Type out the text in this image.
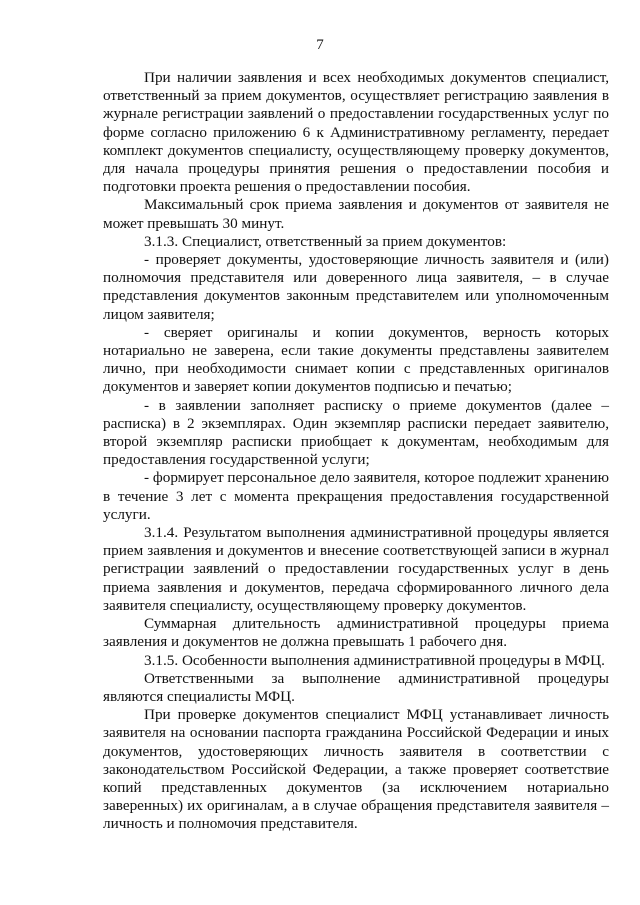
7

При наличии заявления и всех необходимых документов специалист, ответственный за прием документов, осуществляет регистрацию заявления в журнале регистрации заявлений о предоставлении государственных услуг по форме согласно приложению 6 к Административному регламенту, передает комплект документов специалисту, осуществляющему проверку документов, для начала процедуры принятия решения о предоставлении пособия и подготовки проекта решения о предоставлении пособия.

Максимальный срок приема заявления и документов от заявителя не может превышать 30 минут.

3.1.3. Специалист, ответственный за прием документов:

- проверяет документы, удостоверяющие личность заявителя и (или) полномочия представителя или доверенного лица заявителя, – в случае представления документов законным представителем или уполномоченным лицом заявителя;

- сверяет оригиналы и копии документов, верность которых нотариально не заверена, если такие документы представлены заявителем лично, при необходимости снимает копии с представленных оригиналов документов и заверяет копии документов подписью и печатью;

- в заявлении заполняет расписку о приеме документов (далее – расписка) в 2 экземплярах. Один экземпляр расписки передает заявителю, второй экземпляр расписки приобщает к документам, необходимым для предоставления государственной услуги;

- формирует персональное дело заявителя, которое подлежит хранению в течение 3 лет с момента прекращения предоставления государственной услуги.

3.1.4. Результатом выполнения административной процедуры является прием заявления и документов и внесение соответствующей записи в журнал регистрации заявлений о предоставлении государственных услуг в день приема заявления и документов, передача сформированного личного дела заявителя специалисту, осуществляющему проверку документов.

Суммарная длительность административной процедуры приема заявления и документов не должна превышать 1 рабочего дня.

3.1.5. Особенности выполнения административной процедуры в МФЦ.

Ответственными за выполнение административной процедуры являются специалисты МФЦ.

При проверке документов специалист МФЦ устанавливает личность заявителя на основании паспорта гражданина Российской Федерации и иных документов, удостоверяющих личность заявителя в соответствии с законодательством Российской Федерации, а также проверяет соответствие копий представленных документов (за исключением нотариально заверенных) их оригиналам, а в случае обращения представителя заявителя – личность и полномочия представителя.
